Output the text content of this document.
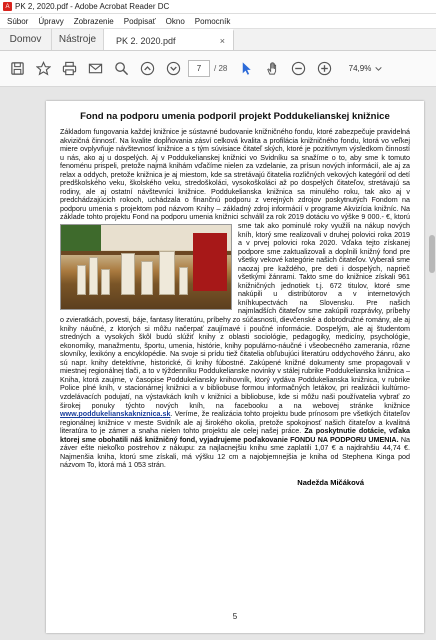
A PK 2, 2020.pdf - Adobe Acrobat Reader DC
Súbor	Úpravy	Zobrazenie	Podpisať	Okno	Pomocník
Domov	Nástroje	PK 2. 2020.pdf	×
7	/ 28	74,9%
Fond na podporu umenia podporil projekt Poddukelianskej knižnice
Základom fungovania každej knižnice je sústavné budovanie knižničného fondu, ktoré zabezpečuje pravidelná akvizičná činnosť. Na kvalite dopĺňovania zásví celková kvalita a profilácia knižničného fondu, ktorá vo veľkej miere ovplyvňuje návštevnosť knižnice a s tým súvisiace čitateľ ských, ktoré je pozitívnym výsledkom činností u nás, ako aj u dospelých. Aj v Poddukelianskej knižnici vo Svidníku sa snažíme o to, aby sme k tomuto fenoménu prispeli, pretože najmä knihám vďačíme nielen za vzdelanie, za prísun nových informácií, ale aj za relax a oddych, pretože knižnica je aj miestom, kde sa stretávajú čitatelia rozličných vekových kategórií od detí predškolského veku, školského veku, stredoškoláci, vysokoškoláci až po dospelých čitateľov, stretávajú sa rodiny, ale aj ostatní návštevníci knižnice. Poddukelianska knižnica sa minulého roku, tak ako aj v predchádzajúcich rokoch, uchádzala o finančnú podporu z verejných zdrojov poskytnutých Fondom na podporu umenia s projektom pod názvom Knihy – základný zdroj informácií v programe Akvizícia knižníc. Na základe tohto projektu Fond na podporu umenia knižnici schválil za rok 2019 dotáciu vo výške 9 000.- €, ktorú sme tak ako pominulé roky využili na nákup nových kníh, ktorý sme realizovali v druhej polovici roka 2019 a v prvej polovici roka 2020. Vďaka tejto získanej podpore sme zaktualizovali a doplnili knižný fond pre všetky vekové kategórie našich čitateľov. Vyberali sme naozaj pre každého, pre deti i dospelých, naprieč všetkými žánrami. Takto sme do knižnice získali 961 knižničných jednotiek t.j. 672 titulov, ktoré sme nakúpili u distribútorov a v internetových kníhkupectvách na Slovensku. Pre našich najmladších čitateľov sme zakúpili rozprávky, príbehy o zvieratkách, povesti, báje, fantasy literatúru, príbehy zo súčasnosti, dievčenské a dobrodružné romány, ale aj knihy náučné, z ktorých si môžu načerpať zaujímavé i poučné informácie. Dospelým, ale aj študentom stredných a vysokých škôl budú slúžiť knihy z oblasti sociológie, pedagogiky, medicíny, psychológie, ekonomiky, manažmentu, športu, umenia, histórie, knihy populárno-náučné i všeobecného zamerania, rôzne slovníky, lexikóny a encyklopédie. Na svoje si prídu tiež čitatelia obľubujúci literatúru oddychového žánru, ako sú napr. knihy detektívne, historické, či knihy fúbostné. Zakúpené knižné dokumenty sme propagovali v miestnej regionálnej tlači, a to v týždenníku Poddukelianske novinky v stálej rubrike Poddukelianska knižnica – Kniha, ktorá zaujme, v časopise Poddukeliansky knihovník, ktorý vydáva Poddukelianska knižnica, v rubrike Police plné kníh, v stacionárnej knižnici a v bibliobuse formou informačných letákov, pri realizácii kultúrno-vzdelávacích podujatí, na výstavkách kníh v knižnici a bibliobuse, kde si môžu naši používatelia vybrať zo širokej ponuky týchto nových kníh, na facebooku a na webovej stránke knižnice www.poddukelianskakniznica.sk. Veríme, že realizácia tohto projektu bude prínosom pre všetkých čitateľov regionálnej knižnice v meste Svidník ale aj širokého okolia, pretože spokojnosť našich čitateľov a kvalitná literatúra to je zámer a snaha nielen tohto projektu ale celej našej práce. Za poskytnutie dotácie, vďaka ktorej sme obohatili náš knižničný fond, vyjadrujeme poďakovanie FONDU NA PODPORU UMENIA. Na záver ešte niekoľko postrehov z nákupu: za najlacnejšiu knihu sme zaplatili 1,07 € a najdrahšiu 44,74 €. Najmenšia kniha, ktorú sme získali, má výšku 12 cm a najobjemnejšia je kniha od Stephena Kinga pod názvom To, ktorá má 1 053 strán.
Nadežda Mičáková
5
